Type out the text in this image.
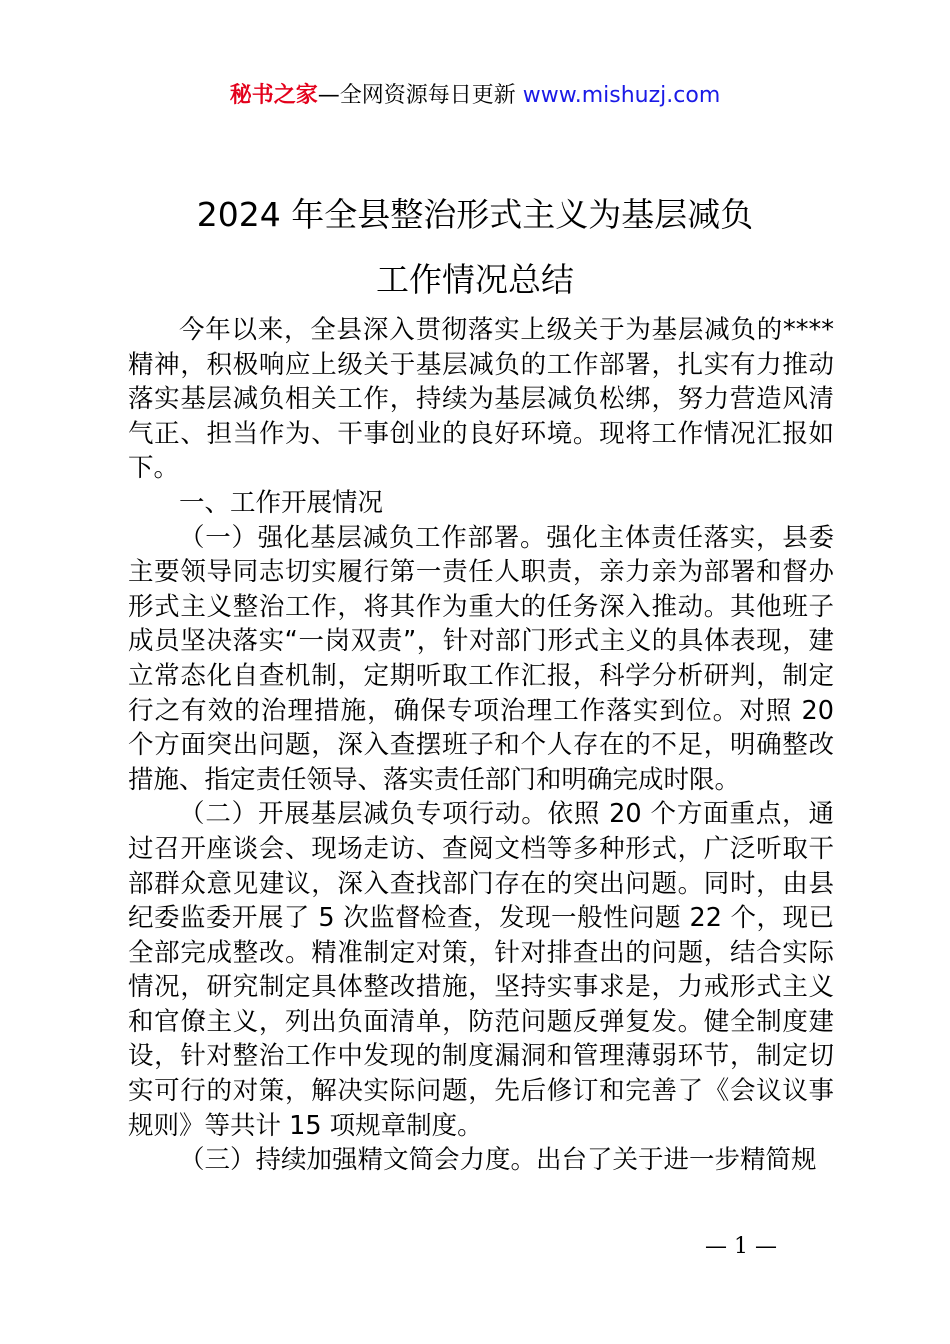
秘书之家—全网资源每日更新 www.mishuzj.com
2024 年全县整治形式主义为基层减负
工作情况总结

今年以来，全县深入贯彻落实上级关于为基层减负的****精神，积极响应上级关于基层减负的工作部署，扎实有力推动落实基层减负相关工作，持续为基层减负松绑，努力营造风清气正、担当作为、干事创业的良好环境。现将工作情况汇报如下。

一、工作开展情况

（一）强化基层减负工作部署。强化主体责任落实，县委主要领导同志切实履行第一责任人职责，亲力亲为部署和督办形式主义整治工作，将其作为重大的任务深入推动。其他班子成员坚决落实“一岗双责”，针对部门形式主义的具体表现，建立常态化自查机制，定期听取工作汇报，科学分析研判，制定行之有效的治理措施，确保专项治理工作落实到位。对照 20 个方面突出问题，深入查摆班子和个人存在的不足，明确整改措施、指定责任领导、落实责任部门和明确完成时限。

（二）开展基层减负专项行动。依照 20 个方面重点，通过召开座谈会、现场走访、查阅文档等多种形式，广泛听取干部群众意见建议，深入查找部门存在的突出问题。同时，由县纪委监委开展了 5 次监督检查，发现一般性问题 22 个，现已全部完成整改。精准制定对策，针对排查出的问题，结合实际情况，研究制定具体整改措施，坚持实事求是，力戒形式主义和官僚主义，列出负面清单，防范问题反弹复发。健全制度建设，针对整治工作中发现的制度漏洞和管理薄弱环节，制定切实可行的对策，解决实际问题，先后修订和完善了《会议议事规则》等共计 15 项规章制度。

（三）持续加强精文简会力度。出台了关于进一步精简规

— 1 —
